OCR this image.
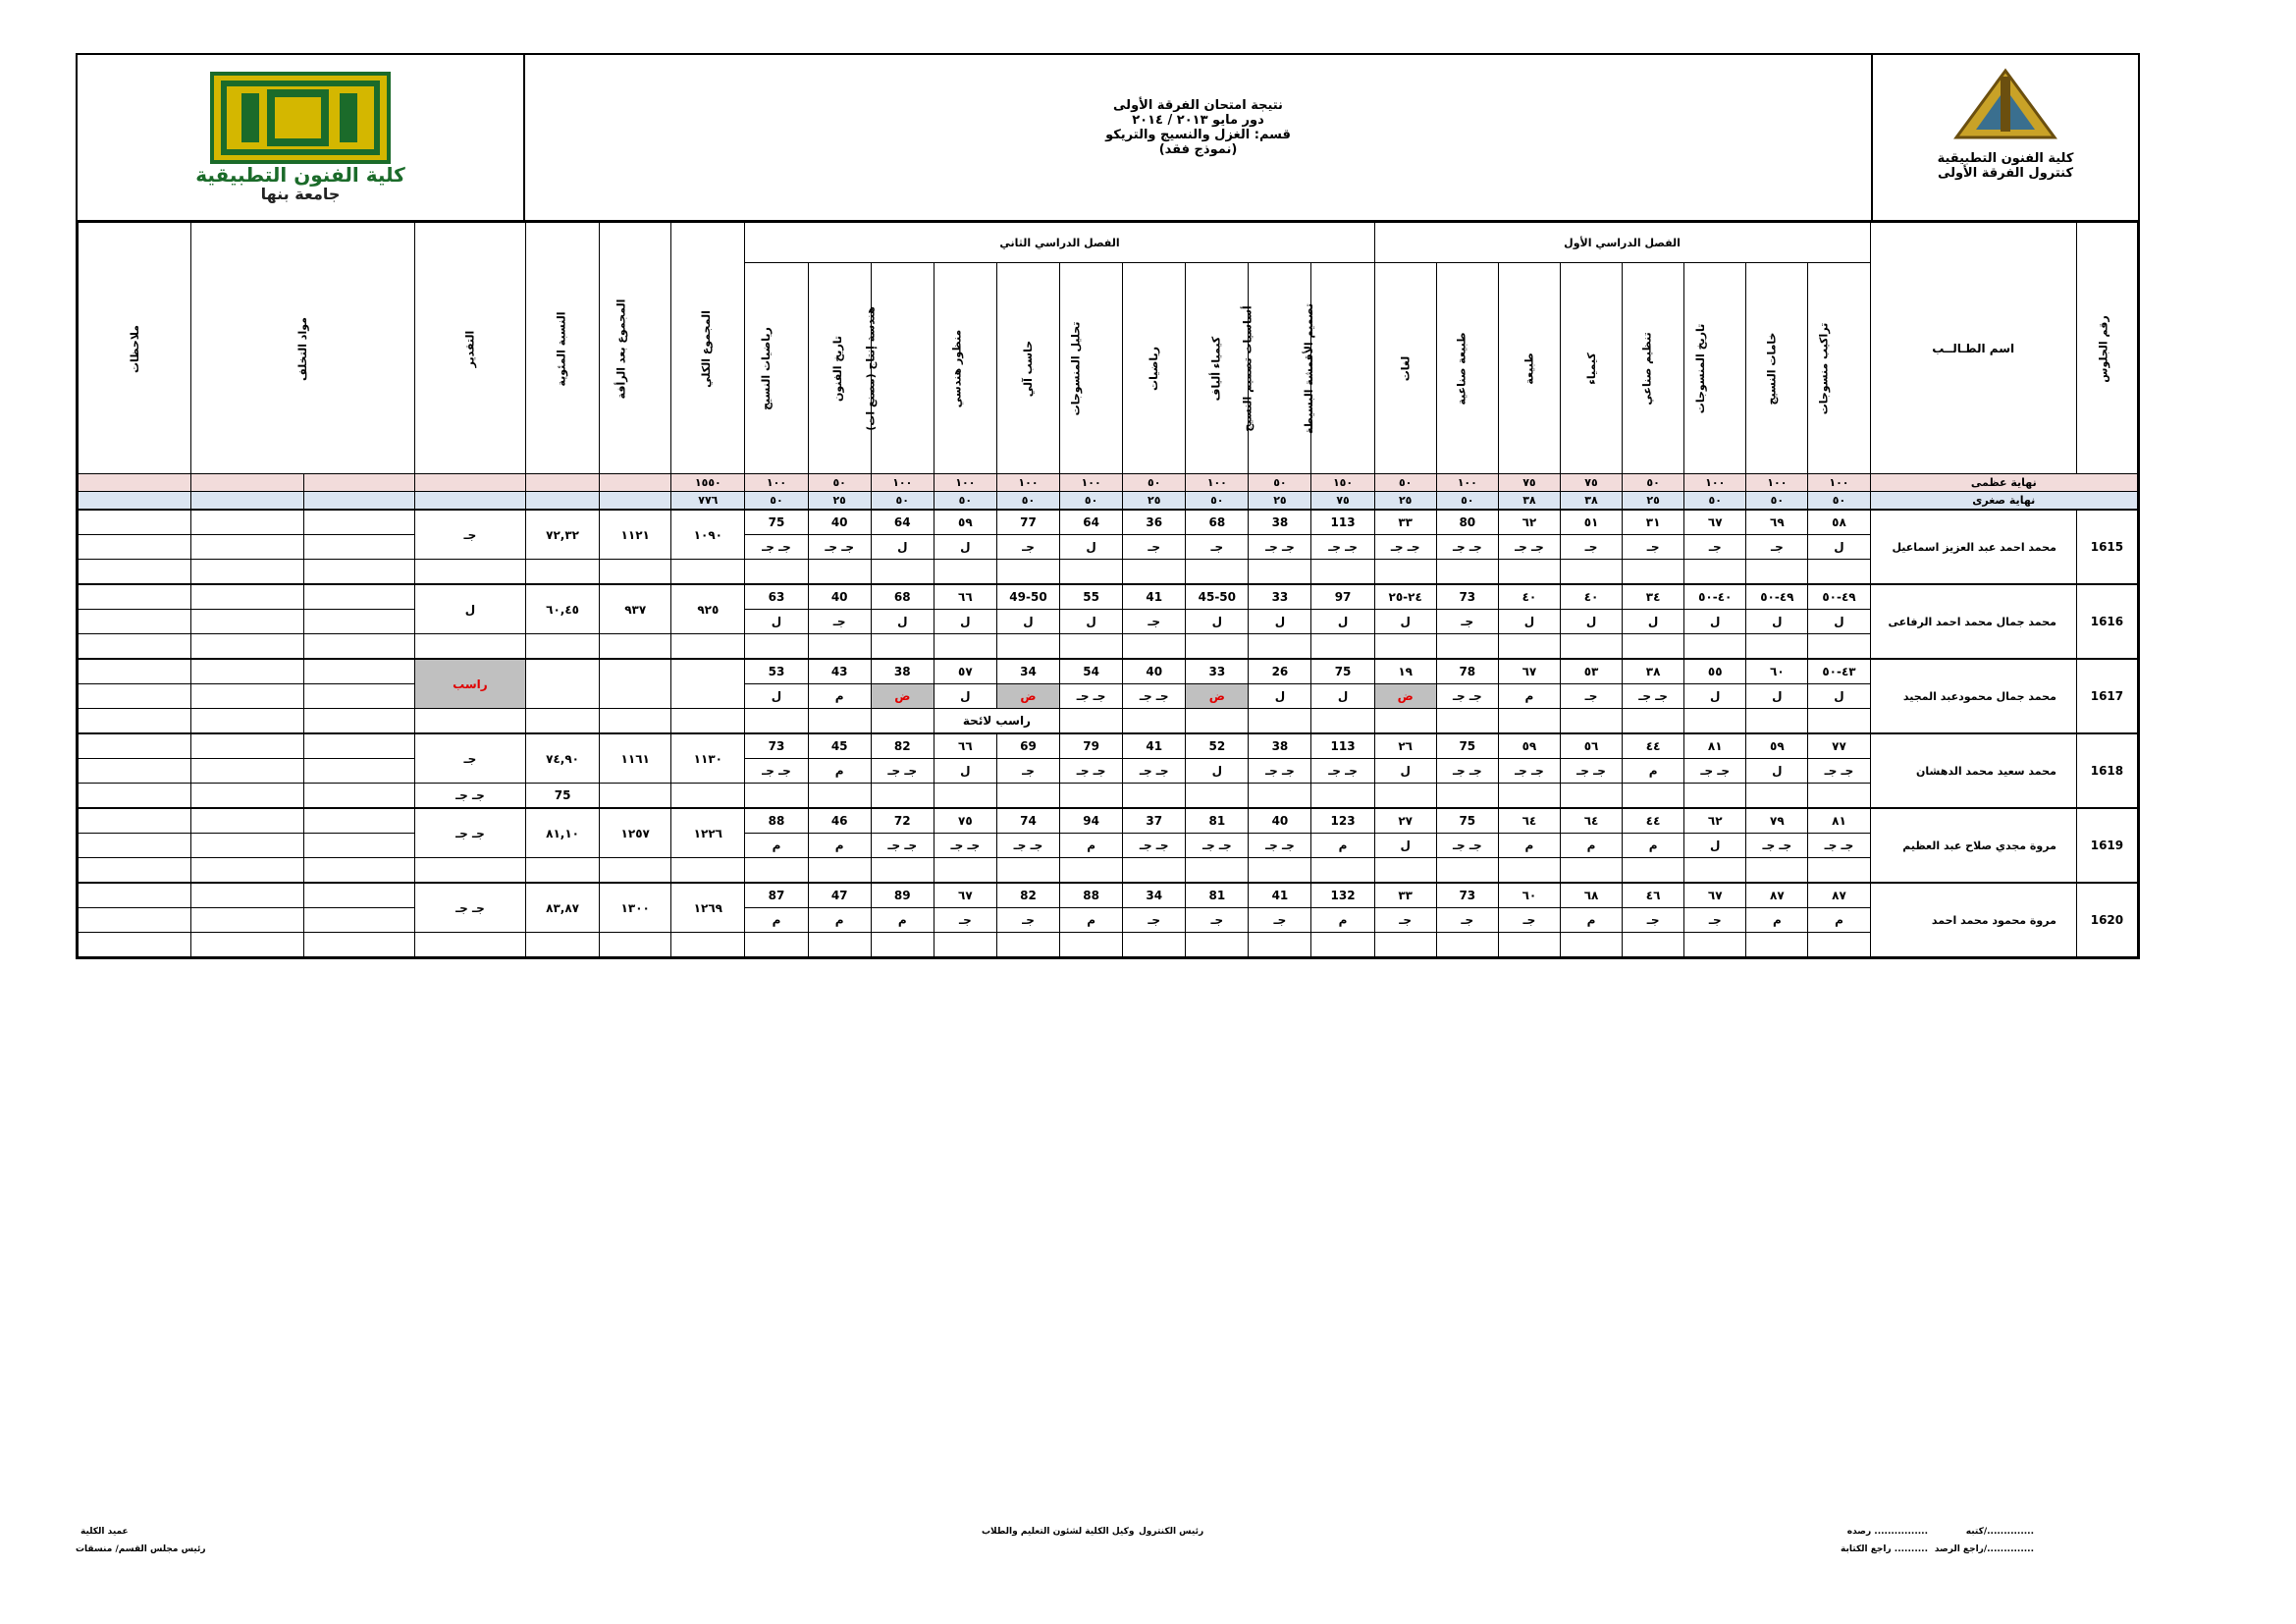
كلية الفنون التطبيقية
جامعة بنها
نتيجة امتحان الفرقة الأولى
دور مايو ٢٠١٣ / ٢٠١٤
قسم: الغزل والنسيج والتريكو
(نموذج فقد)
كلية الفنون التطبيقية
كنترول الفرقة الأولى
رقم الجلوس	اسم الطـالــب	الفصل الدراسي الأول								الفصل الدراسي الثاني										المجموع الكلي	المجموع بعد الرأفة	النسبة المئوية	التقدير	مواد التخلف		ملاحظات
		تراكيب منسوجات	خامات النسيج	تاريخ المنسوجات	تنظيم صناعي	كيمياء	طبيعة	طبيعة صناعية	لغات	تصميم الأقمشة البسيطة	أساسيات تصميم النسيج	كيمياء ألياف	رياضيات	تحليل المنسوجات	حاسب آلي	منظور هندسي	هندسة إنتاج (مصنع ات)	تاريخ الفنون	رياضيات النسيج							
نهاية عظمى		١٠٠	١٠٠	١٠٠	٥٠	٧٥	٧٥	١٠٠	٥٠	١٥٠	٥٠	١٠٠	٥٠	١٠٠	١٠٠	١٠٠	١٠٠	٥٠	١٠٠	١٥٥٠						
نهاية صغرى		٥٠	٥٠	٥٠	٢٥	٣٨	٣٨	٥٠	٢٥	٧٥	٢٥	٥٠	٢٥	٥٠	٥٠	٥٠	٥٠	٢٥	٥٠	٧٧٦						
1615	محمد احمد عبد العزيز اسماعيل	٥٨	٦٩	٦٧	٣١	٥١	٦٢	80	٣٣	113	38	68	36	64	77	٥٩	64	40	75	١٠٩٠	١١٢١	٧٢,٣٢	جـ			
		ل	جـ	جـ	جـ	جـ	جـ جـ	جـ جـ	جـ جـ	جـ جـ	جـ جـ	جـ	جـ	ل	جـ	ل	ل	جـ جـ	جـ جـ							

1616	محمد جمال محمد احمد الرفاعى	٤٩-٥٠	٤٩-٥٠	٤٠-٥٠	٣٤	٤٠	٤٠	73	٢٤-٢٥	97	33	45-50	41	55	49-50	٦٦	68	40	63	٩٢٥	٩٣٧	٦٠,٤٥	ل			
		ل	ل	ل	ل	ل	ل	جـ	ل	ل	ل	ل	جـ	ل	ل	ل	ل	جـ	ل							

1617	محمد جمال محمودعبد المجيد	٤٣-٥٠	٦٠	٥٥	٣٨	٥٣	٦٧	78	١٩	75	26	33	40	54	34	٥٧	38	43	53				راسب			
		ل	ل	ل	جـ جـ	جـ	م	جـ جـ	ض	ل	ل	ض	جـ جـ	جـ جـ	ض	ل	ض	م	ل							
															راسب لائحة											
1618	محمد سعيد محمد الدهشان	٧٧	٥٩	٨١	٤٤	٥٦	٥٩	75	٢٦	113	38	52	41	79	69	٦٦	82	45	73	١١٣٠	١١٦١	٧٤,٩٠	جـ			
		جـ جـ	ل	جـ جـ	م	جـ جـ	جـ جـ	جـ جـ	ل	جـ جـ	جـ جـ	ل	جـ جـ	جـ جـ	جـ	ل	جـ جـ	م	جـ جـ							
																						75	جـ جـ			
1619	مروة مجدي صلاح عبد العظيم	٨١	٧٩	٦٢	٤٤	٦٤	٦٤	75	٢٧	123	40	81	37	94	74	٧٥	72	46	88	١٢٢٦	١٢٥٧	٨١,١٠	جـ جـ			
		جـ جـ	جـ جـ	ل	م	م	م	جـ جـ	ل	م	جـ جـ	جـ جـ	جـ جـ	م	جـ جـ	جـ جـ	جـ جـ	م	م							

1620	مروة محمود محمد احمد	٨٧	٨٧	٦٧	٤٦	٦٨	٦٠	73	٣٣	132	41	81	34	88	82	٦٧	89	47	87	١٢٦٩	١٣٠٠	٨٣,٨٧	جـ جـ			
		م	م	جـ	جـ	م	جـ	جـ	جـ	م	جـ	جـ	جـ	م	جـ	جـ	م	م	م							

كتبه/..............
رصده ................
راجع الرصد/..............
راجع الكتابة ..........
رئيس الكنترول
وكيل الكلية لشئون التعليم والطلاب
عميد الكلية
رئيس مجلس القسم/ منسقات
